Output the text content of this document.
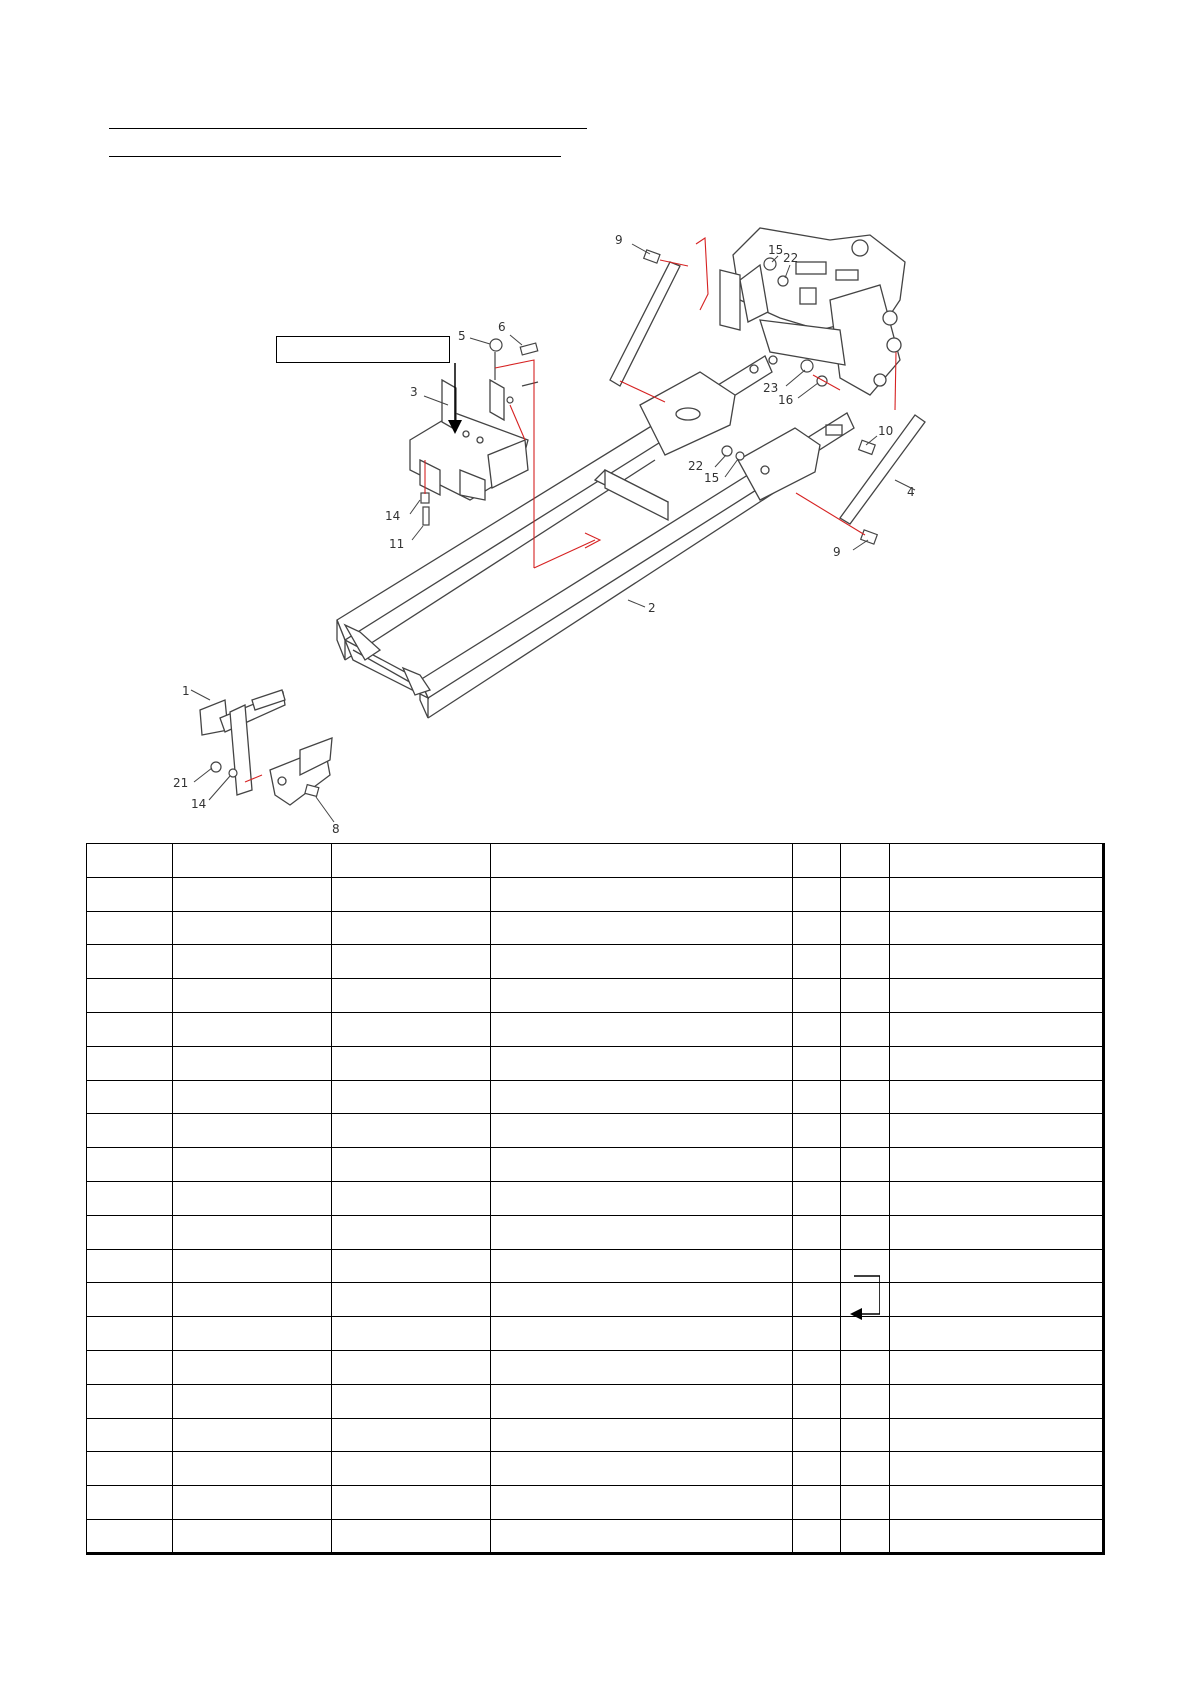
1
2
3
4
5
6
8
9
9
10
11
14
14
15
15
16
21
22
22
23
